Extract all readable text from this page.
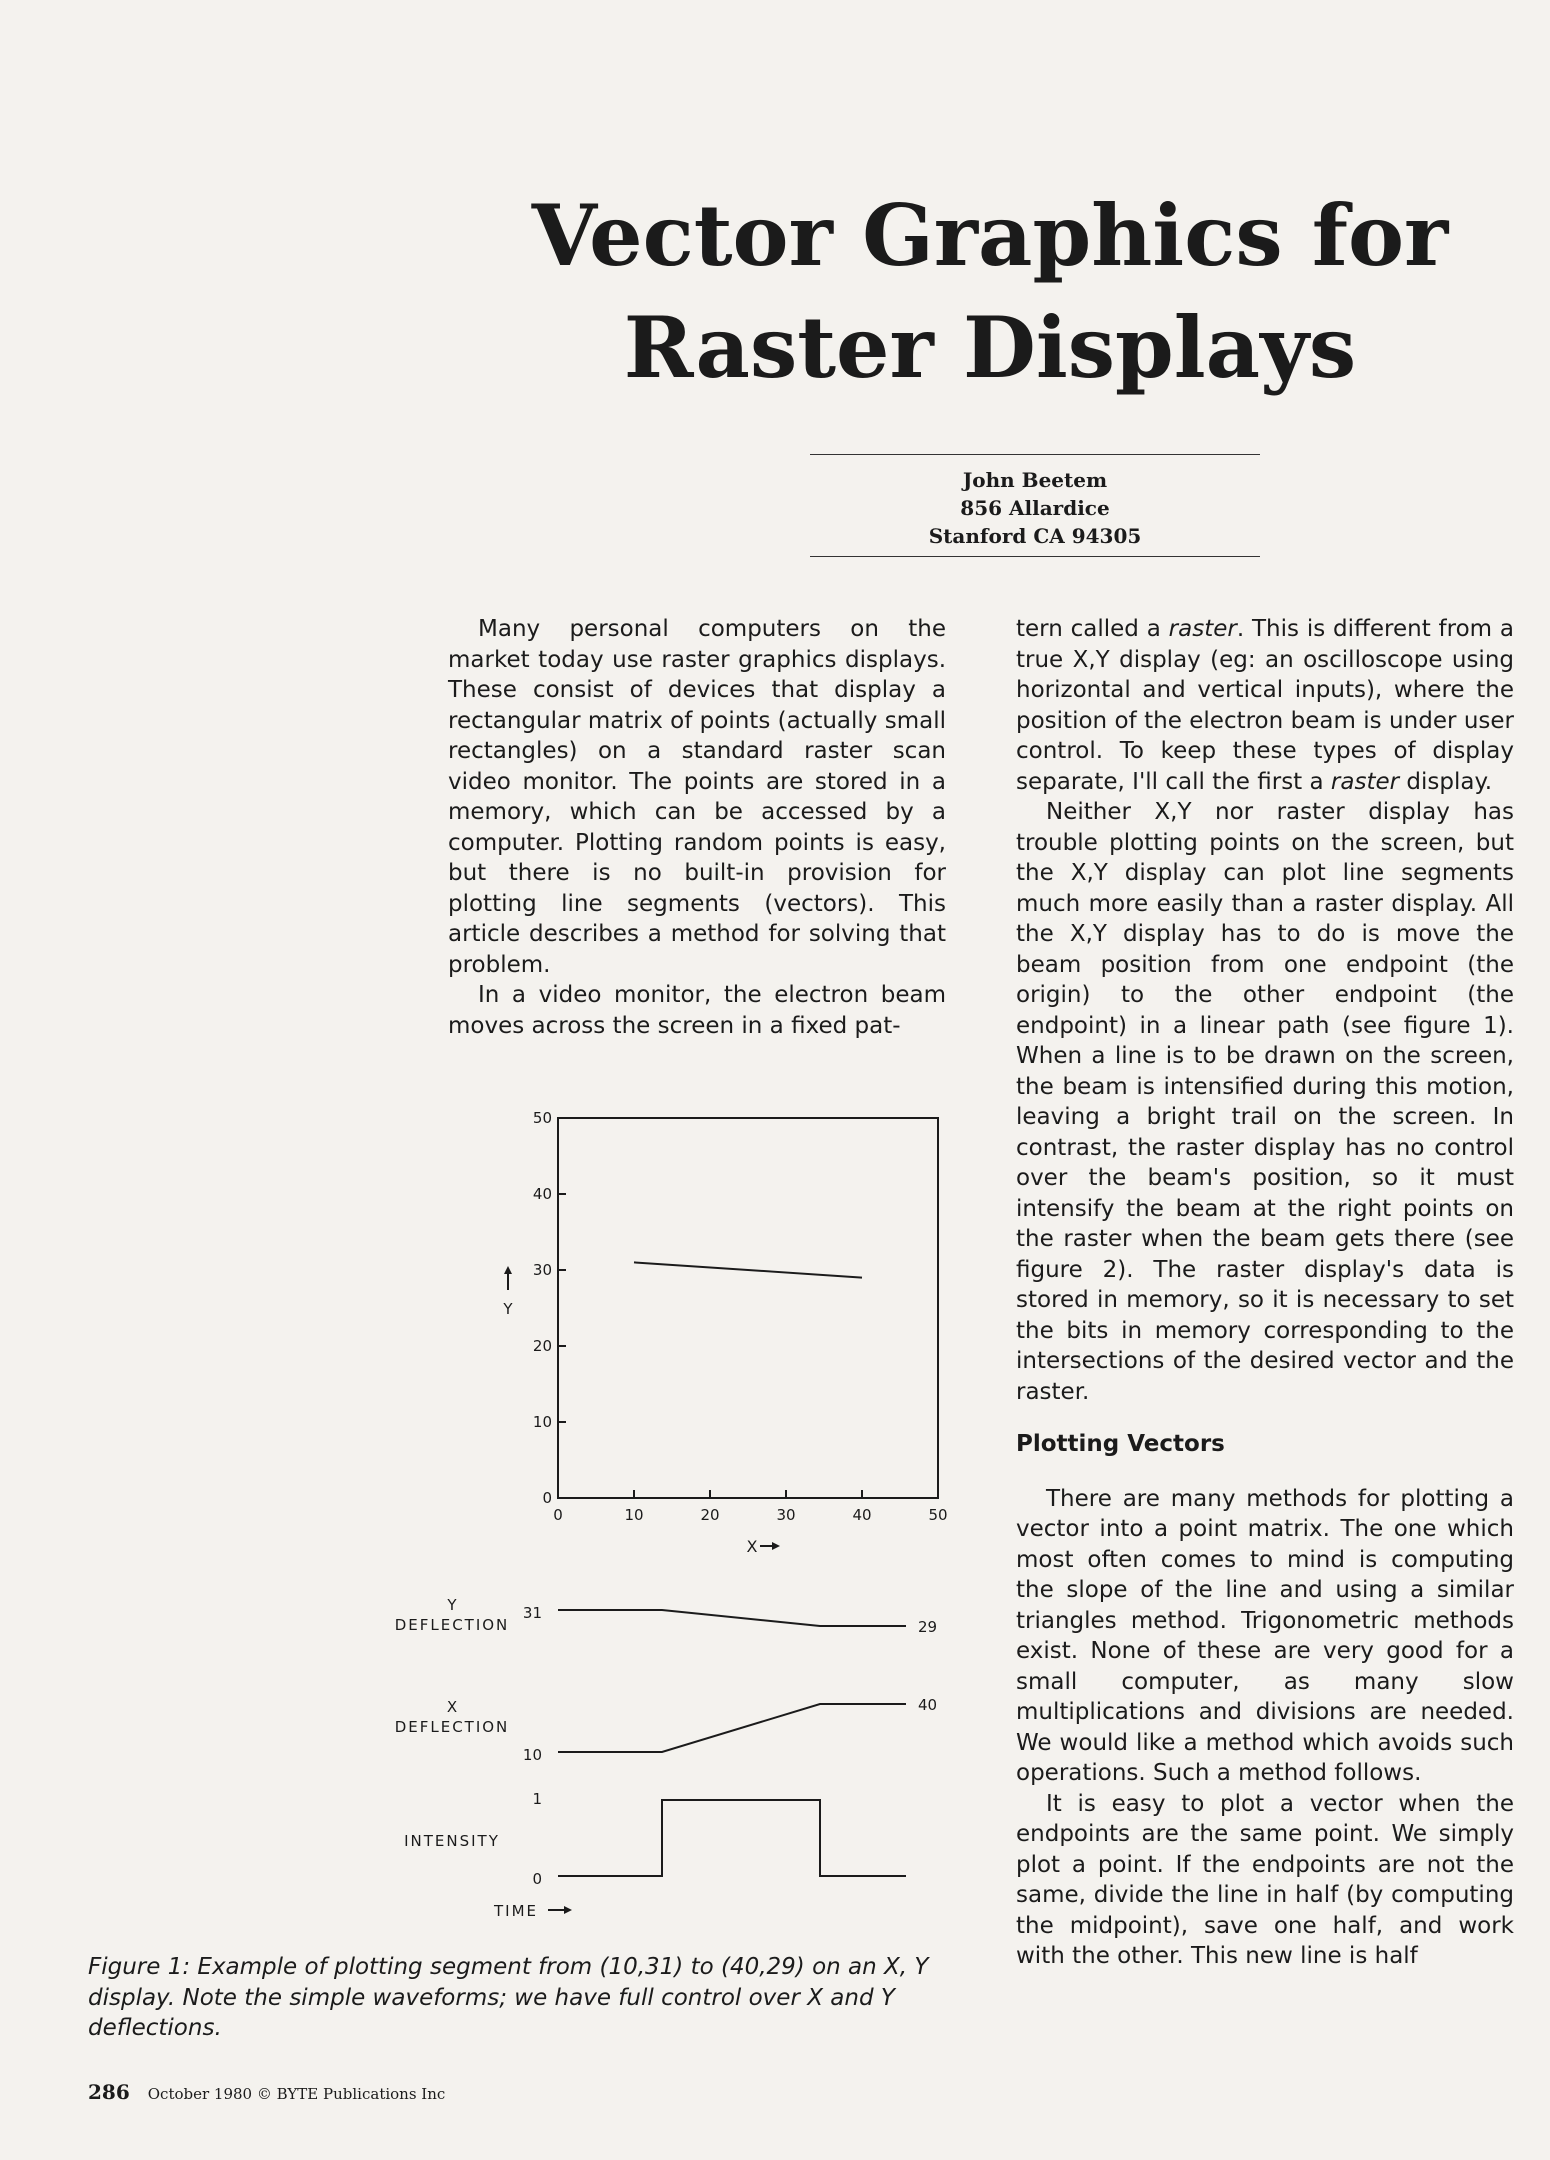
Vector Graphics for
Raster Displays
John Beetem
856 Allardice
Stanford CA 94305

Many personal computers on the market today use raster graphics displays. These consist of devices that display a rectangular matrix of points (actually small rectangles) on a standard raster scan video monitor. The points are stored in a memory, which can be accessed by a computer. Plotting random points is easy, but there is no built-in provision for plotting line segments (vectors). This article describes a method for solving that problem.

In a video monitor, the electron beam moves across the screen in a fixed pat-

tern called a raster. This is different from a true X,Y display (eg: an oscilloscope using horizontal and vertical inputs), where the position of the electron beam is under user control. To keep these types of display separate, I'll call the first a raster display.

Neither X,Y nor raster display has trouble plotting points on the screen, but the X,Y display can plot line segments much more easily than a raster display. All the X,Y display has to do is move the beam position from one endpoint (the origin) to the other endpoint (the endpoint) in a linear path (see figure 1). When a line is to be drawn on the screen, the beam is intensified during this motion, leaving a bright trail on the screen. In contrast, the raster display has no control over the beam's position, so it must intensify the beam at the right points on the raster when the beam gets there (see figure 2). The raster display's data is stored in memory, so it is necessary to set the bits in memory corresponding to the intersections of the desired vector and the raster.

Plotting Vectors

There are many methods for plotting a vector into a point matrix. The one which most often comes to mind is computing the slope of the line and using a similar triangles method. Trigonometric methods exist. None of these are very good for a small computer, as many slow multiplications and divisions are needed. We would like a method which avoids such operations. Such a method follows.

It is easy to plot a vector when the endpoints are the same point. We simply plot a point. If the endpoints are not the same, divide the line in half (by computing the midpoint), save one half, and work with the other. This new line is half

0
10
20
30
40
50
0	10	20	30	40	50
Y
X
Y
DEFLECTION
31
29
X
DEFLECTION
40
10
1
INTENSITY
0
TIME
Figure 1: Example of plotting segment from (10,31) to (40,29) on an X, Y display. Note the simple waveforms; we have full control over X and Y deflections.
286 October 1980 © BYTE Publications Inc
